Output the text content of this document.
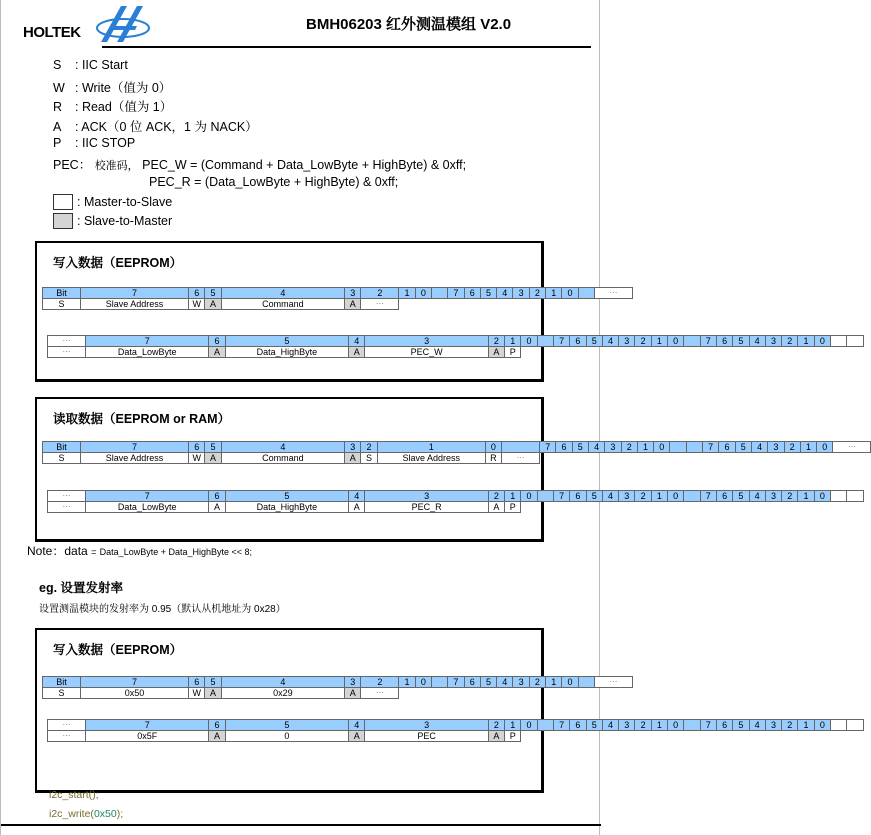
HOLTEK	BMH06203 红外测温模组 V2.0
S : IIC Start
W : Write（值为 0）
R : Read（值为 1）
A : ACK（0 位 ACK，1 为 NACK）
P : IIC STOP
PEC： 校准码， PEC_W = (Command + Data_LowByte + HighByte) & 0xff;
PEC_R = (Data_LowByte + HighByte) & 0xff;
: Master-to-Slave
: Slave-to-Master
写入数据（EEPROM）
读取数据（EEPROM or RAM）
Note：data = Data_LowByte + Data_HighByte << 8;
eg. 设置发射率
设置测温模块的发射率为 0.95（默认从机地址为 0x28）
写入数据（EEPROM）
i2c_start();
i2c_write(0x50);
Bit	7	6	5	4	3	2	1	0		7	6	5	4	3	2	1	0		···
S	Slave Address	W	A	Command	A	···													
···	7	6	5	4	3	2	1	0		7	6	5	4	3	2	1	0		7	6	5	4	3	2	1	0		
···	Data_LowByte	A	Data_HighByte	A	PEC_W	A	P																					
Bit	7	6	5	4	3	2	1	0		7	6	5	4	3	2	1	0			7	6	5	4	3	2	1	0	···
S	Slave Address	W	A	Command	A	S	Slave Address	R	···																			
···	7	6	5	4	3	2	1	0		7	6	5	4	3	2	1	0		7	6	5	4	3	2	1	0		
···	Data_LowByte	A	Data_HighByte	A	PEC_R	A	P																					
Bit	7	6	5	4	3	2	1	0		7	6	5	4	3	2	1	0		···
S	0x50	W	A	0x29	A	···													
···	7	6	5	4	3	2	1	0		7	6	5	4	3	2	1	0		7	6	5	4	3	2	1	0		
···	0x5F	A	0	A	PEC	A	P																					
